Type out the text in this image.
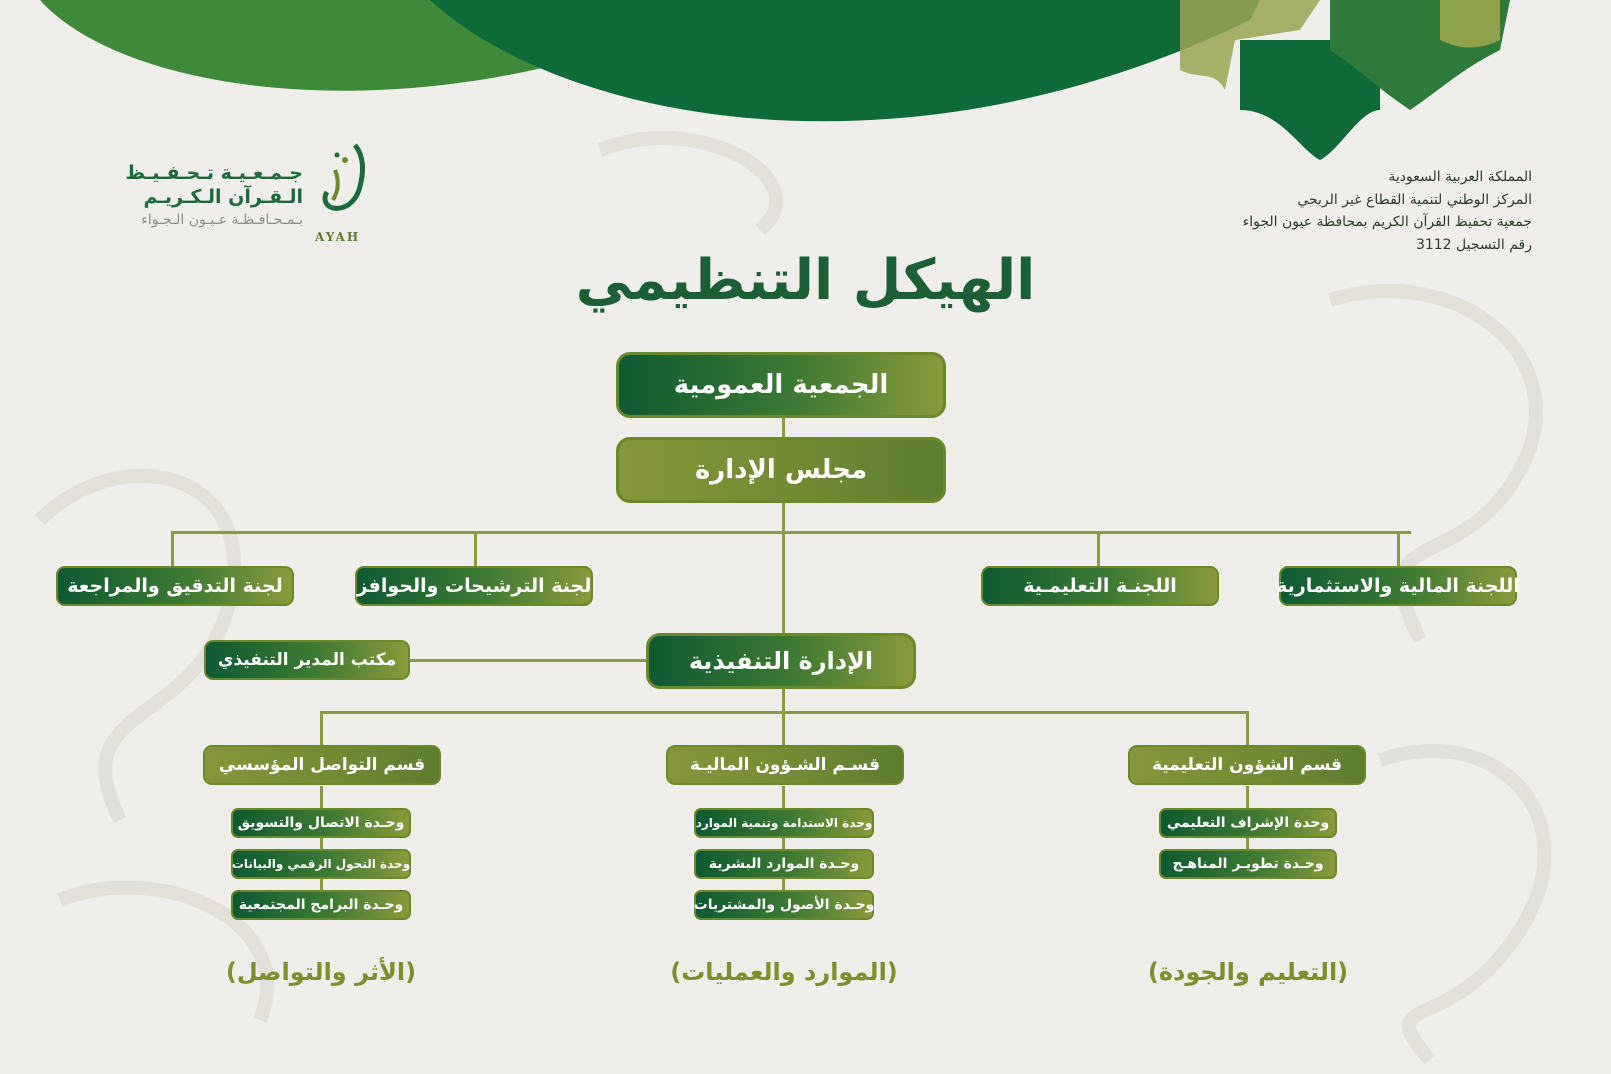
المملكة العربية السعودية
المركز الوطني لتنمية القطاع غير الربحي
جمعية تحفيظ القرآن الكريم بمحافظة عيون الجواء
رقم التسجيل 3112
AYAH
جـمـعـيـة تـحـفـيـظ
الـقـرآن الـكـريـم
بـمـحـافـظـة عـيـون الـجـواء
الهيكل التنظيمي
الجمعية العمومية
مجلس الإدارة
اللجنة المالية والاستثمارية
اللجنـة التعليمـية
لجنة الترشيحات والحوافز
لجنة التدقيق والمراجعة
الإدارة التنفيذية
مكتب المدير التنفيذي
قسم الشؤون التعليمية
قسـم الشـؤون الماليـة
قسم التواصل المؤسسي
وحدة الإشراف التعليمي
وحـدة تطويـر المناهـج
وحدة الاستدامة وتنمية الموارد
وحـدة الموارد البشرية
وحـدة الأصول والمشتريات
وحـدة الاتصال والتسويق
وحدة التحول الرقمي والبيانات
وحـدة البرامج المجتمعية
(التعليم والجودة)
(الموارد والعمليات)
(الأثر والتواصل)
